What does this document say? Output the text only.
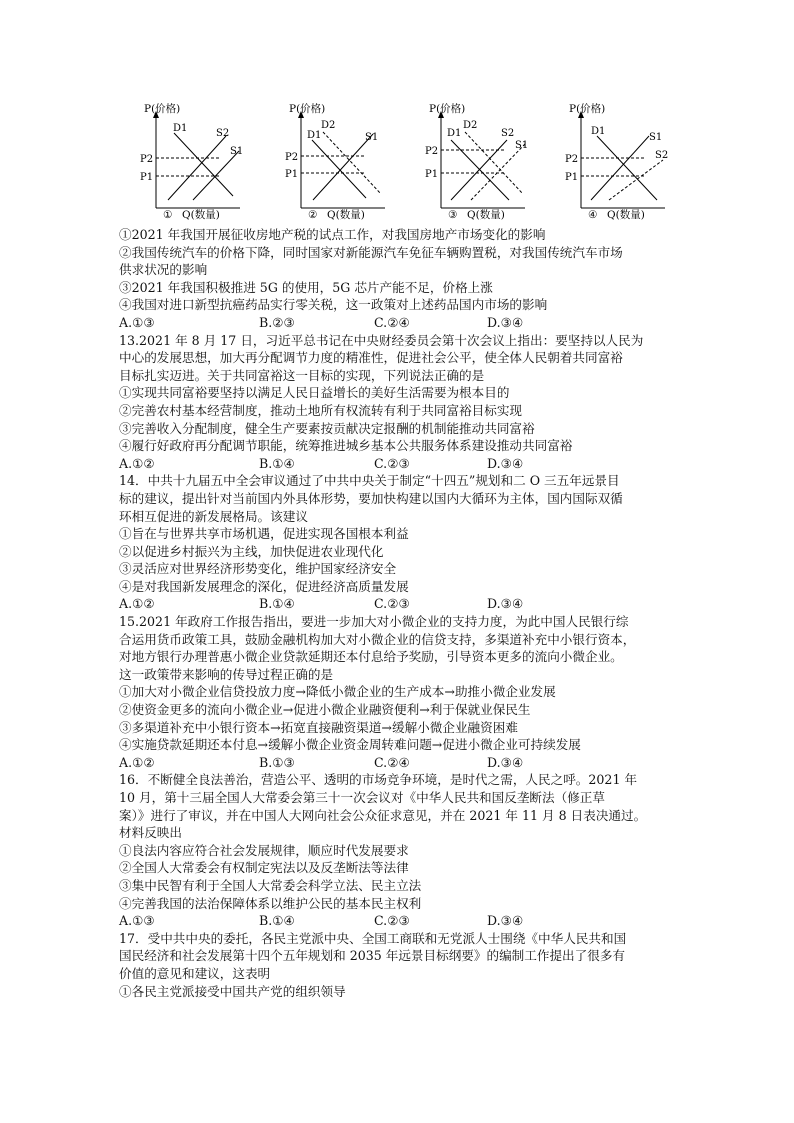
P(价格)
Q(数量)
①
D1	S2
S1
P2
P1
P(价格)
Q(数量)
②
D1
D2
S1
P2
P1
P(价格)
Q(数量)
③
D1
D2
S2
S1
P2
P1
P(价格)
Q(数量)
④
D1
S1
S2
P2
P1
①2021 年我国开展征收房地产税的试点工作，对我国房地产市场变化的影响
②我国传统汽车的价格下降，同时国家对新能源汽车免征车辆购置税，对我国传统汽车市场
供求状况的影响
③2021 年我国积极推进 5G 的使用，5G 芯片产能不足，价格上涨
④我国对进口新型抗癌药品实行零关税，这一政策对上述药品国内市场的影响
A.①③	B.②③	C.②④	D.③④
13.2021 年 8 月 17 日，习近平总书记在中央财经委员会第十次会议上指出：要坚持以人民为
中心的发展思想，加大再分配调节力度的精准性，促进社会公平，使全体人民朝着共同富裕
目标扎实迈进。关于共同富裕这一目标的实现，下列说法正确的是
①实现共同富裕要坚持以满足人民日益增长的美好生活需要为根本目的
②完善农村基本经营制度，推动土地所有权流转有利于共同富裕目标实现
③完善收入分配制度，健全生产要素按贡献决定报酬的机制能推动共同富裕
④履行好政府再分配调节职能，统筹推进城乡基本公共服务体系建设推动共同富裕
A.①②	B.①④	C.②③	D.③④
14．中共十九届五中全会审议通过了中共中央关于制定“十四五”规划和二 O 三五年远景目
标的建议，提出针对当前国内外具体形势，要加快构建以国内大循环为主体，国内国际双循
环相互促进的新发展格局。该建议
①旨在与世界共享市场机遇，促进实现各国根本利益
②以促进乡村振兴为主线，加快促进农业现代化
③灵活应对世界经济形势变化，维护国家经济安全
④是对我国新发展理念的深化，促进经济高质量发展
A.①②	B.①④	C.②③	D.③④
15.2021 年政府工作报告指出，要进一步加大对小微企业的支持力度，为此中国人民银行综
合运用货币政策工具，鼓励金融机构加大对小微企业的信贷支持，多渠道补充中小银行资本，
对地方银行办理普惠小微企业贷款延期还本付息给予奖励，引导资本更多的流向小微企业。
这一政策带来影响的传导过程正确的是
①加大对小微企业信贷投放力度→降低小微企业的生产成本→助推小微企业发展
②使资金更多的流向小微企业→促进小微企业融资便利→利于保就业保民生
③多渠道补充中小银行资本→拓宽直接融资渠道→缓解小微企业融资困难
④实施贷款延期还本付息→缓解小微企业资金周转难问题→促进小微企业可持续发展
A.①②	B.①③	C.②④	D.③④
16．不断健全良法善治，营造公平、透明的市场竞争环境，是时代之需，人民之呼。2021 年
10 月，第十三届全国人大常委会第三十一次会议对《中华人民共和国反垄断法（修正草
案）》进行了审议，并在中国人大网向社会公众征求意见，并在 2021 年 11 月 8 日表决通过。
材料反映出
①良法内容应符合社会发展规律，顺应时代发展要求
②全国人大常委会有权制定宪法以及反垄断法等法律
③集中民智有利于全国人大常委会科学立法、民主立法
④完善我国的法治保障体系以维护公民的基本民主权利
A.①③	B.①④	C.②③	D.③④
17．受中共中央的委托，各民主党派中央、全国工商联和无党派人士围绕《中华人民共和国
国民经济和社会发展第十四个五年规划和 2035 年远景目标纲要》的编制工作提出了很多有
价值的意见和建议，这表明
①各民主党派接受中国共产党的组织领导
